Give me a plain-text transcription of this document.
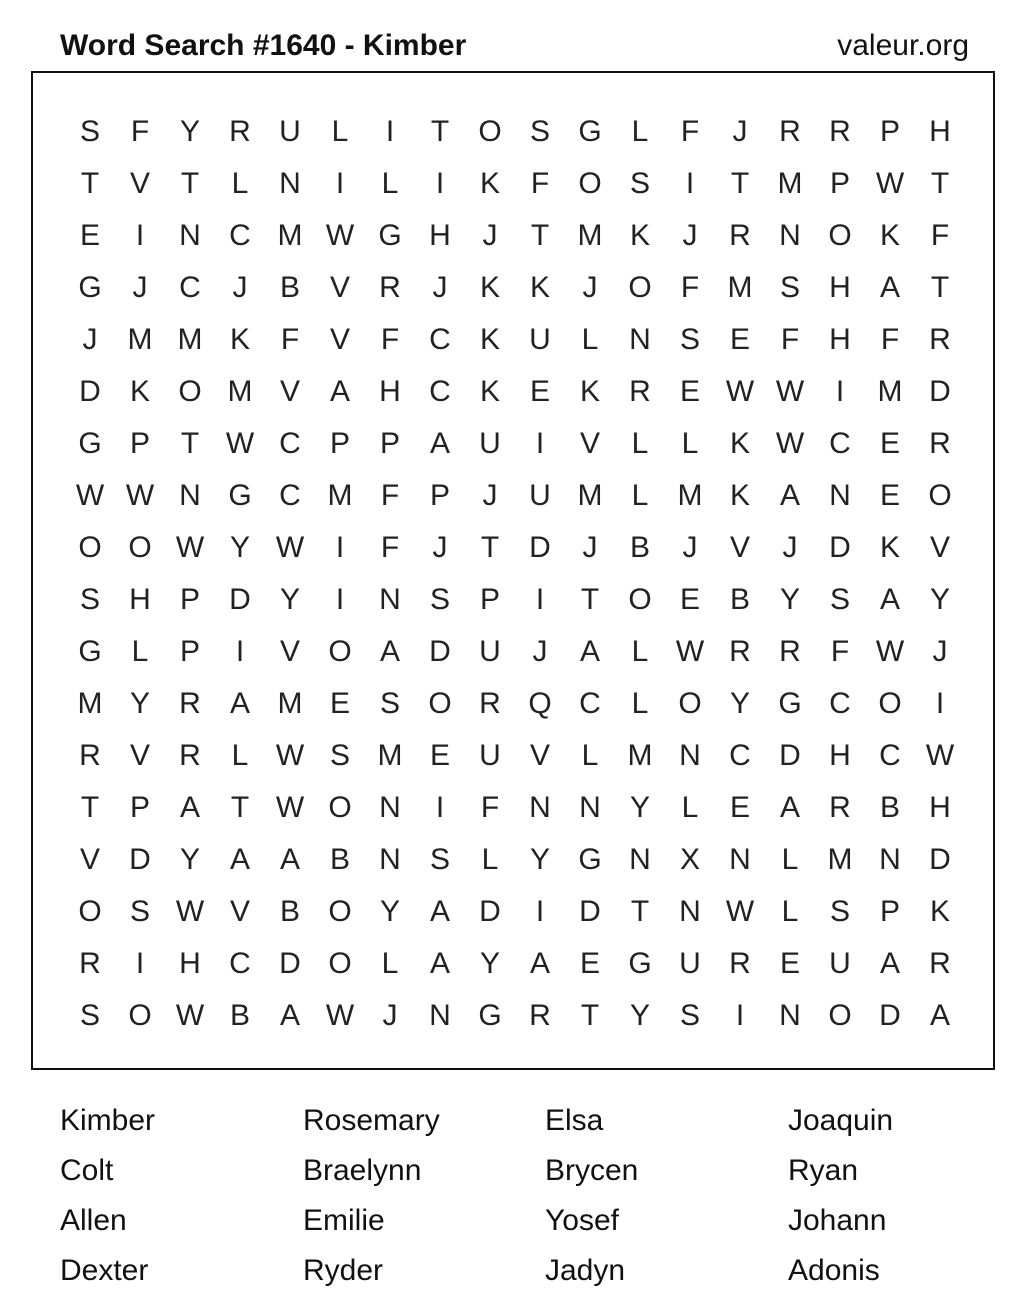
Word Search #1640 - Kimber	valeur.org
S	F	Y R U	L	I	T O S G L	F	J	R R P H
T	V	T	L	N	I	L	I	K	F O S	I	T M P W T
E	I	N C M W G H	J	T M K	J	R N O K	F
G	J	C	J	B V R	J	K K	J	O F M S H A	T
J	M M K	F	V	F	C K U	L	N S E	F	H	F	R
D K O M V A H C K E K R E W W	I	M D
G P	T W C P P A U	I	V	L	L	K W C E R
W W N G C M F	P	J	U M L M K A N E O
O O W Y W	I	F	J	T	D	J	B	J	V	J	D K V
S H P D Y	I	N S P	I	T O E B Y S A Y
G L	P	I	V O A D U	J	A	L W R R	F W J
M Y R A M E S O R Q C	L O Y G C O	I
R V R	L W S M E U V	L M N C D H C W
T	P A	T W O N	I	F	N N Y	L	E A R B H
V D Y A A B N S	L	Y G N X N	L M N D
O S W V B O Y A D	I	D	T	N W L	S P K
R	I	H C D O L	A Y A E G U R E U A R
S O W B A W J	N G R	T	Y S	I	N O D A
Kimber	Rosemary	Elsa	Joaquin
Colt	Braelynn	Brycen	Ryan
Allen	Emilie	Yosef	Johann
Dexter	Ryder	Jadyn	Adonis
